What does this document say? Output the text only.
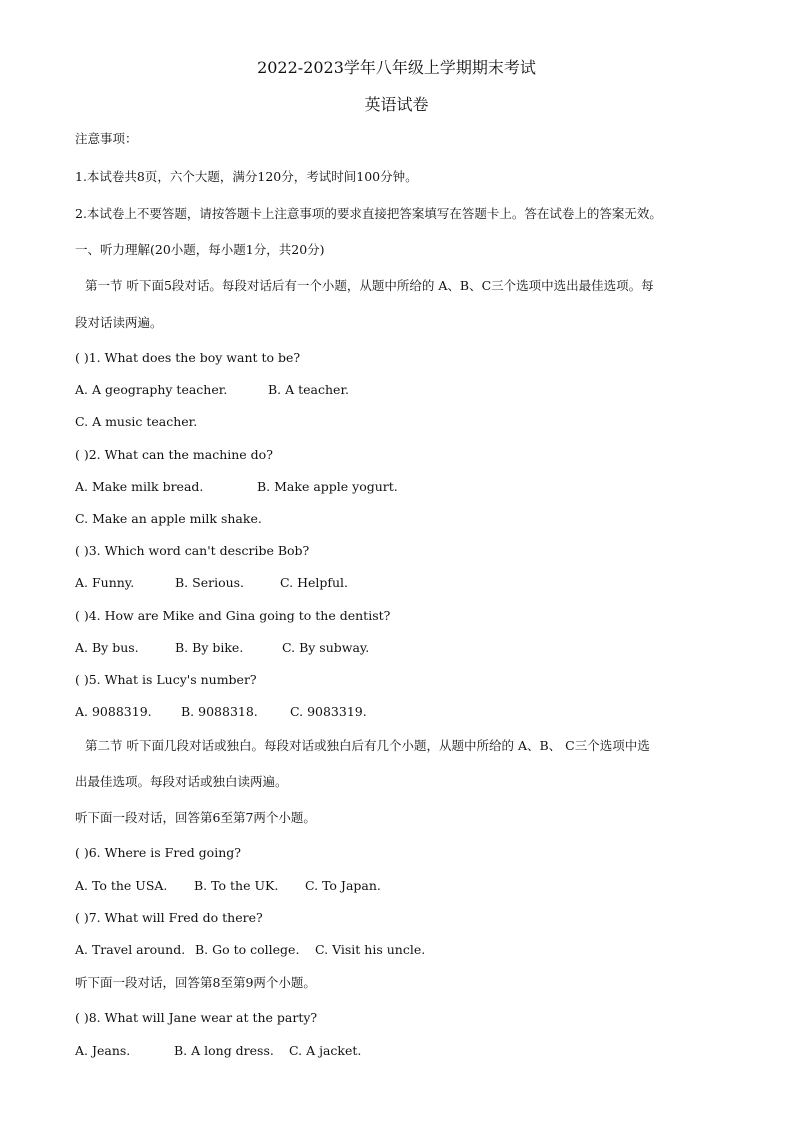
2022-2023学年八年级上学期期末考试
英语试卷
注意事项：
1.本试卷共8页，六个大题，满分120分，考试时间100分钟。
2.本试卷上不要答题，请按答题卡上注意事项的要求直接把答案填写在答题卡上。答在试卷上的答案无效。
一、听力理解(20小题，每小题1分，共20分)
第一节 听下面5段对话。每段对话后有一个小题，从题中所给的 A、B、C三个选项中选出最佳选项。每
段对话读两遍。
( )1. What does the boy want to be?
A. A geography teacher.	B. A teacher.
C. A music teacher.
( )2. What can the machine do?
A. Make milk bread.	B. Make apple yogurt.
C. Make an apple milk shake.
( )3. Which word can't describe Bob?
A. Funny.	B. Serious.	C. Helpful.
( )4. How are Mike and Gina going to the dentist?
A. By bus.	B. By bike.	C. By subway.
( )5. What is Lucy's number?
A. 9088319. B. 9088318.	C. 9083319.
第二节 听下面几段对话或独白。每段对话或独白后有几个小题，从题中所给的 A、B、 C三个选项中选
出最佳选项。每段对话或独白读两遍。
听下面一段对话，回答第6至第7两个小题。
( )6. Where is Fred going?
A. To the USA. B. To the UK. C. To Japan.
( )7. What will Fred do there?
A. Travel around. B. Go to college. C. Visit his uncle.
听下面一段对话，回答第8至第9两个小题。
( )8. What will Jane wear at the party?
A. Jeans.	B. A long dress. C. A jacket.
